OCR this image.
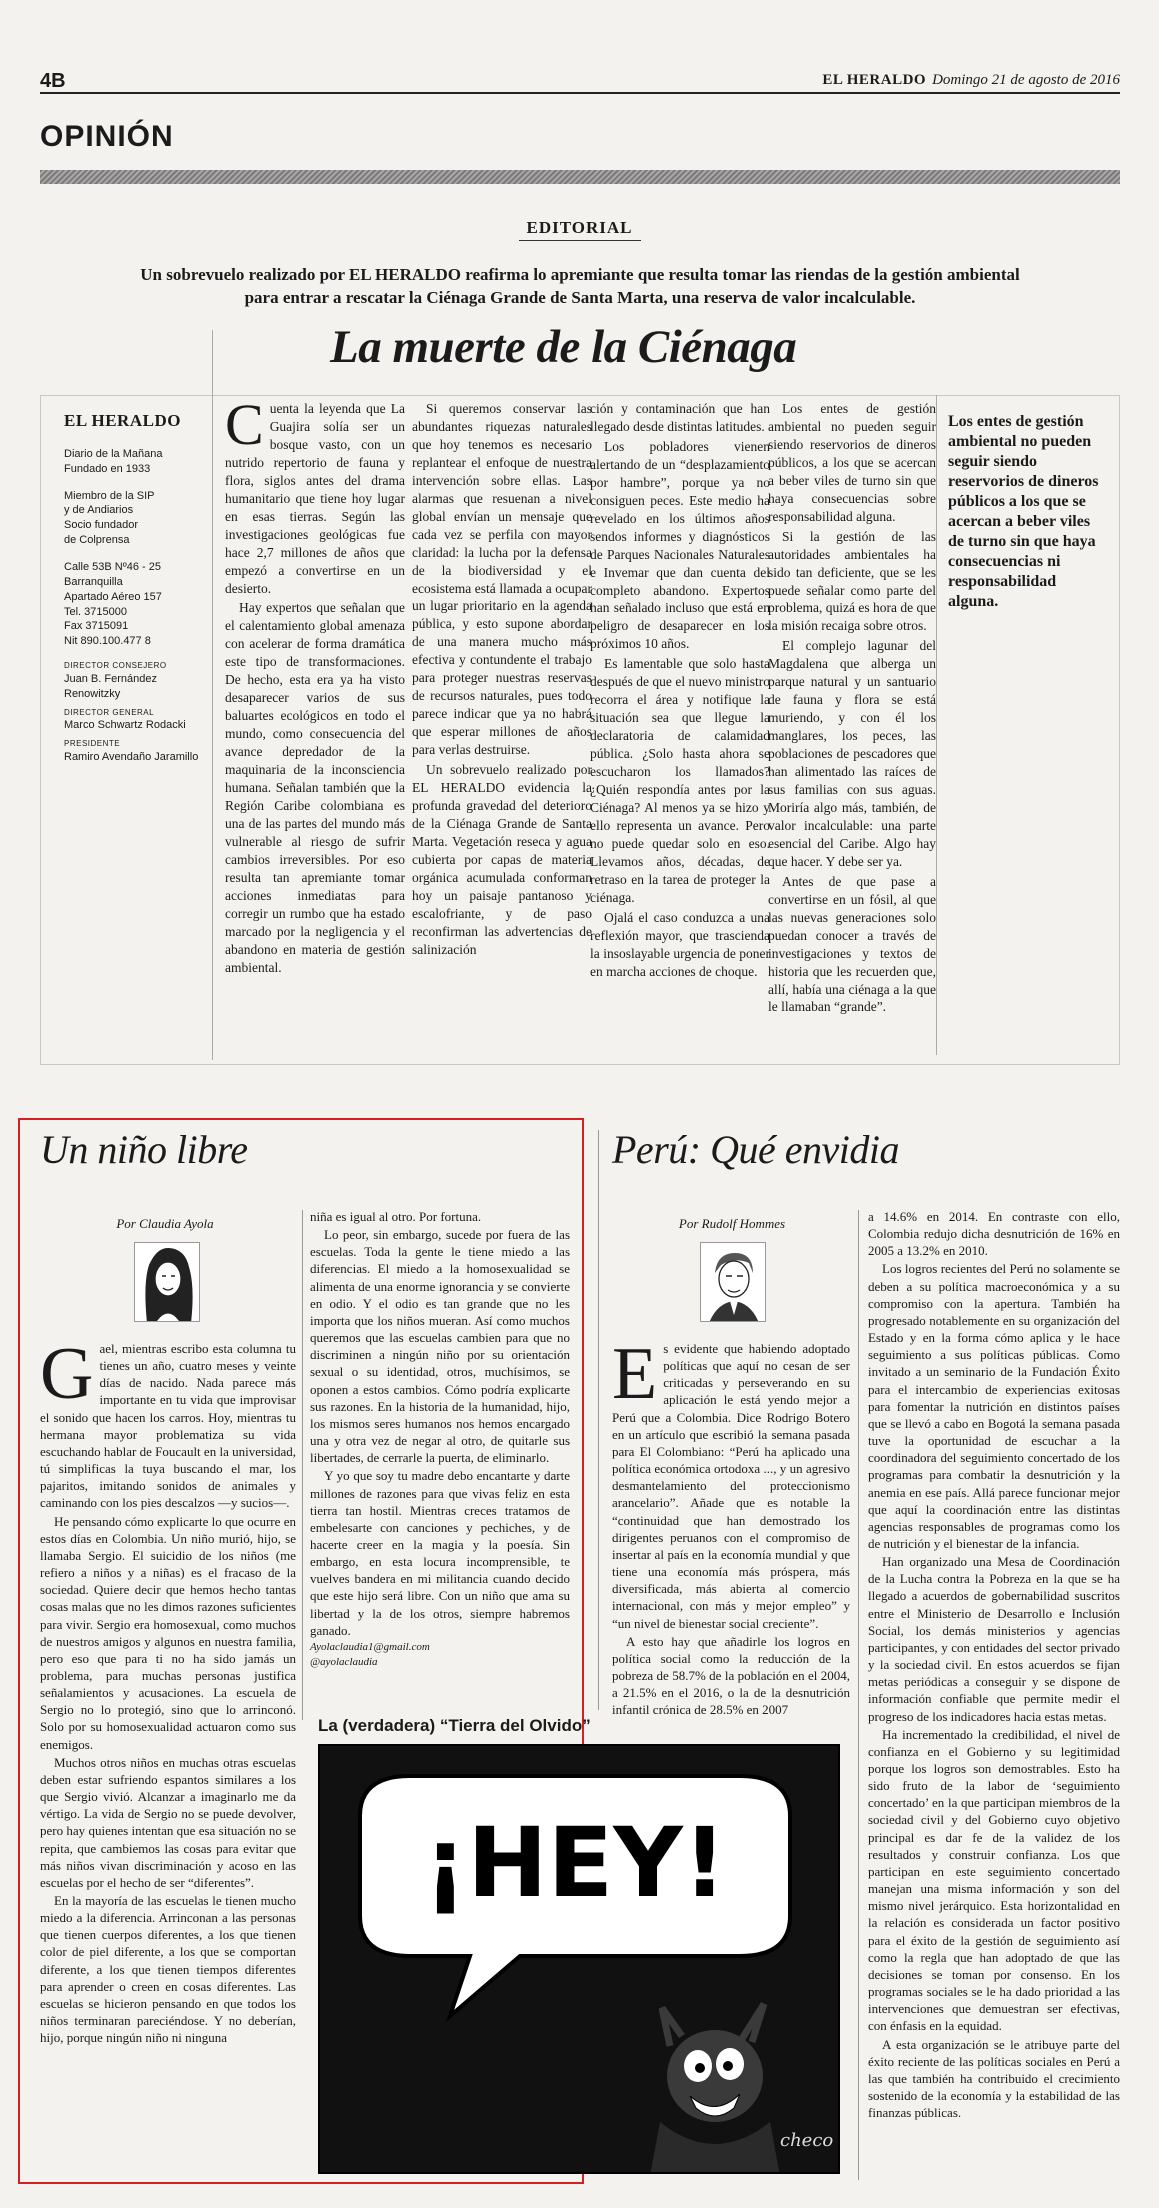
4B	EL HERALDO Domingo 21 de agosto de 2016
OPINIÓN
EDITORIAL
Un sobrevuelo realizado por EL HERALDO reafirma lo apremiante que resulta tomar las riendas de la gestión ambiental para entrar a rescatar la Ciénaga Grande de Santa Marta, una reserva de valor incalculable.
La muerte de la Ciénaga
EL HERALDO
Diario de la Mañana
Fundado en 1933
Miembro de la SIP
y de Andiarios
Socio fundador
de Colprensa
Calle 53B Nº46 - 25
Barranquilla
Apartado Aéreo 157
Tel. 3715000
Fax 3715091
Nit 890.100.477 8
DIRECTOR CONSEJERO
Juan B. Fernández Renowitzky
DIRECTOR GENERAL
Marco Schwartz Rodacki
PRESIDENTE
Ramiro Avendaño Jaramillo

Cuenta la leyenda que La Guajira solía ser un bosque vasto, con un nutrido repertorio de fauna y flora, siglos antes del drama humanitario que tiene hoy lugar en esas tierras. Según las investigaciones geológicas fue hace 2,7 millones de años que empezó a convertirse en un desierto.

Hay expertos que señalan que el calentamiento global amenaza con acelerar de forma dramática este tipo de transformaciones. De hecho, esta era ya ha visto desaparecer varios de sus baluartes ecológicos en todo el mundo, como consecuencia del avance depredador de la maquinaria de la inconsciencia humana. Señalan también que la Región Caribe colombiana es una de las partes del mundo más vulnerable al riesgo de sufrir cambios irreversibles. Por eso resulta tan apremiante tomar acciones inmediatas para corregir un rumbo que ha estado marcado por la negligencia y el abandono en materia de gestión ambiental.

Si queremos conservar las abundantes riquezas naturales que hoy tenemos es necesario replantear el enfoque de nuestra intervención sobre ellas. Las alarmas que resuenan a nivel global envían un mensaje que cada vez se perfila con mayor claridad: la lucha por la defensa de la biodiversidad y el ecosistema está llamada a ocupar un lugar prioritario en la agenda pública, y esto supone abordar de una manera mucho más efectiva y contundente el trabajo para proteger nuestras reservas de recursos naturales, pues todo parece indicar que ya no habrá que esperar millones de años para verlas destruirse.

Un sobrevuelo realizado por EL HERALDO evidencia la profunda gravedad del deterioro de la Ciénaga Grande de Santa Marta. Vegetación reseca y agua cubierta por capas de materia orgánica acumulada conforman hoy un paisaje pantanoso y escalofriante, y de paso reconfirman las advertencias de salinización

ción y contaminación que han llegado desde distintas latitudes.

Los pobladores vienen alertando de un “desplazamiento por hambre”, porque ya no consiguen peces. Este medio ha revelado en los últimos años sendos informes y diagnósticos de Parques Nacionales Naturales e Invemar que dan cuenta del completo abandono. Expertos han señalado incluso que está en peligro de desaparecer en los próximos 10 años.

Es lamentable que solo hasta después de que el nuevo ministro recorra el área y notifique la situación sea que llegue la declaratoria de calamidad pública. ¿Solo hasta ahora se escucharon los llamados? ¿Quién respondía antes por la Ciénaga? Al menos ya se hizo y ello representa un avance. Pero no puede quedar solo en eso. Llevamos años, décadas, de retraso en la tarea de proteger la ciénaga.

Ojalá el caso conduzca a una reflexión mayor, que trascienda la insoslayable urgencia de poner en marcha acciones de choque.

Los entes de gestión ambiental no pueden seguir siendo reservorios de dineros públicos, a los que se acercan a beber viles de turno sin que haya consecuencias sobre responsabilidad alguna.

Si la gestión de las autoridades ambientales ha sido tan deficiente, que se les puede señalar como parte del problema, quizá es hora de que la misión recaiga sobre otros.

El complejo lagunar del Magdalena que alberga un parque natural y un santuario de fauna y flora se está muriendo, y con él los manglares, los peces, las poblaciones de pescadores que han alimentado las raíces de sus familias con sus aguas. Moriría algo más, también, de valor incalculable: una parte esencial del Caribe. Algo hay que hacer. Y debe ser ya.

Antes de que pase a convertirse en un fósil, al que las nuevas generaciones solo puedan conocer a través de investigaciones y textos de historia que les recuerden que, allí, había una ciénaga a la que le llamaban “grande”.

Los entes de gestión ambiental no pueden seguir siendo reservorios de dineros públicos a los que se acercan a beber viles de turno sin que haya consecuencias ni responsabilidad alguna.
Un niño libre
Por Claudia Ayola

Gael, mientras escribo esta columna tu tienes un año, cuatro meses y veinte días de nacido. Nada parece más importante en tu vida que improvisar el sonido que hacen los carros. Hoy, mientras tu hermana mayor problematiza su vida escuchando hablar de Foucault en la universidad, tú simplificas la tuya buscando el mar, los pajaritos, imitando sonidos de animales y caminando con los pies descalzos —y sucios—.

He pensando cómo explicarte lo que ocurre en estos días en Colombia. Un niño murió, hijo, se llamaba Sergio. El suicidio de los niños (me refiero a niños y a niñas) es el fracaso de la sociedad. Quiere decir que hemos hecho tantas cosas malas que no les dimos razones suficientes para vivir. Sergio era homosexual, como muchos de nuestros amigos y algunos en nuestra familia, pero eso que para ti no ha sido jamás un problema, para muchas personas justifica señalamientos y acusaciones. La escuela de Sergio no lo protegió, sino que lo arrinconó. Solo por su homosexualidad actuaron como sus enemigos.

Muchos otros niños en muchas otras escuelas deben estar sufriendo espantos similares a los que Sergio vivió. Alcanzar a imaginarlo me da vértigo. La vida de Sergio no se puede devolver, pero hay quienes intentan que esa situación no se repita, que cambiemos las cosas para evitar que más niños vivan discriminación y acoso en las escuelas por el hecho de ser “diferentes”.

En la mayoría de las escuelas le tienen mucho miedo a la diferencia. Arrinconan a las personas que tienen cuerpos diferentes, a los que tienen color de piel diferente, a los que se comportan diferente, a los que tienen tiempos diferentes para aprender o creen en cosas diferentes. Las escuelas se hicieron pensando en que todos los niños terminaran pareciéndose. Y no deberían, hijo, porque ningún niño ni ninguna

niña es igual al otro. Por fortuna.

Lo peor, sin embargo, sucede por fuera de las escuelas. Toda la gente le tiene miedo a las diferencias. El miedo a la homosexualidad se alimenta de una enorme ignorancia y se convierte en odio. Y el odio es tan grande que no les importa que los niños mueran. Así como muchos queremos que las escuelas cambien para que no discriminen a ningún niño por su orientación sexual o su identidad, otros, muchísimos, se oponen a estos cambios. Cómo podría explicarte sus razones. En la historia de la humanidad, hijo, los mismos seres humanos nos hemos encargado una y otra vez de negar al otro, de quitarle sus libertades, de cerrarle la puerta, de eliminarlo.

Y yo que soy tu madre debo encantarte y darte millones de razones para que vivas feliz en esta tierra tan hostil. Mientras creces tratamos de embelesarte con canciones y pechiches, y de hacerte creer en la magia y la poesía. Sin embargo, en esta locura incomprensible, te vuelves bandera en mi militancia cuando decido que este hijo será libre. Con un niño que ama su libertad y la de los otros, siempre habremos ganado.

Ayolaclaudia1@gmail.com

@ayolaclaudia

Perú: Qué envidia
Por Rudolf Hommes

Es evidente que habiendo adoptado políticas que aquí no cesan de ser criticadas y perseverando en su aplicación le está yendo mejor a Perú que a Colombia. Dice Rodrigo Botero en un artículo que escribió la semana pasada para El Colombiano: “Perú ha aplicado una política económica ortodoxa ..., y un agresivo desmantelamiento del proteccionismo arancelario”. Añade que es notable la “continuidad que han demostrado los dirigentes peruanos con el compromiso de insertar al país en la economía mundial y que tiene una economía más próspera, más diversificada, más abierta al comercio internacional, con más y mejor empleo” y “un nivel de bienestar social creciente”.

A esto hay que añadirle los logros en política social como la reducción de la pobreza de 58.7% de la población en el 2004, a 21.5% en el 2016, o la de la desnutrición infantil crónica de 28.5% en 2007

a 14.6% en 2014. En contraste con ello, Colombia redujo dicha desnutrición de 16% en 2005 a 13.2% en 2010.

Los logros recientes del Perú no solamente se deben a su política macroeconómica y a su compromiso con la apertura. También ha progresado notablemente en su organización del Estado y en la forma cómo aplica y le hace seguimiento a sus políticas públicas. Como invitado a un seminario de la Fundación Éxito para el intercambio de experiencias exitosas para fomentar la nutrición en distintos países que se llevó a cabo en Bogotá la semana pasada tuve la oportunidad de escuchar a la coordinadora del seguimiento concertado de los programas para combatir la desnutrición y la anemia en ese país. Allá parece funcionar mejor que aquí la coordinación entre las distintas agencias responsables de programas como los de nutrición y el bienestar de la infancia.

Han organizado una Mesa de Coordinación de la Lucha contra la Pobreza en la que se ha llegado a acuerdos de gobernabilidad suscritos entre el Ministerio de Desarrollo e Inclusión Social, los demás ministerios y agencias participantes, y con entidades del sector privado y la sociedad civil. En estos acuerdos se fijan metas periódicas a conseguir y se dispone de información confiable que permite medir el progreso de los indicadores hacia estas metas.

Ha incrementado la credibilidad, el nivel de confianza en el Gobierno y su legitimidad porque los logros son demostrables. Esto ha sido fruto de la labor de ‘seguimiento concertado’ en la que participan miembros de la sociedad civil y del Gobierno cuyo objetivo principal es dar fe de la validez de los resultados y construir confianza. Los que participan en este seguimiento concertado manejan una misma información y son del mismo nivel jerárquico. Esta horizontalidad en la relación es considerada un factor positivo para el éxito de la gestión de seguimiento así como la regla que han adoptado de que las decisiones se toman por consenso. En los programas sociales se le ha dado prioridad a las intervenciones que demuestran ser efectivas, con énfasis en la equidad.

A esta organización se le atribuye parte del éxito reciente de las políticas sociales en Perú a las que también ha contribuido el crecimiento sostenido de la economía y la estabilidad de las finanzas públicas.

La (verdadera) “Tierra del Olvido”
¡HEY!
checo
